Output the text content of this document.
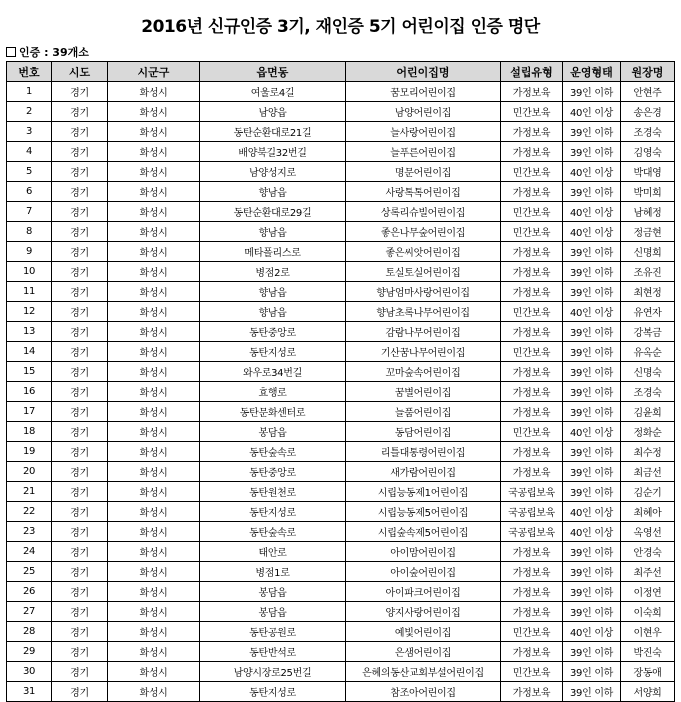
2016년 신규인증 3기, 재인증 5기 어린이집 인증 명단
인증 : 39개소
번호	시도	시군구	읍면동	어린이집명	설립유형	운영형태	원장명
1	경기	화성시	여울로4길	꿈모리어린이집	가정보육	39인 이하	안현주
2	경기	화성시	남양읍	남양어린이집	민간보육	40인 이상	송은경
3	경기	화성시	동탄순환대로21길	늘사랑어린이집	가정보육	39인 이하	조경숙
4	경기	화성시	배양북길32번길	늘푸른어린이집	가정보육	39인 이하	김영숙
5	경기	화성시	남양성지로	명문어린이집	민간보육	40인 이상	박대영
6	경기	화성시	향남읍	사랑톡톡어린이집	가정보육	39인 이하	박미희
7	경기	화성시	동탄순환대로29길	상록리슈빌어린이집	민간보육	40인 이상	남혜정
8	경기	화성시	향남읍	좋은나무숲어린이집	민간보육	40인 이상	정금현
9	경기	화성시	메타폴리스로	좋은씨앗어린이집	가정보육	39인 이하	신명희
10	경기	화성시	병점2로	토실토실어린이집	가정보육	39인 이하	조유진
11	경기	화성시	향남읍	향남엄마사랑어린이집	가정보육	39인 이하	최현정
12	경기	화성시	향남읍	향남초록나무어린이집	민간보육	40인 이상	유연자
13	경기	화성시	동탄중앙로	감람나무어린이집	가정보육	39인 이하	강복금
14	경기	화성시	동탄지성로	기산꿈나무어린이집	민간보육	39인 이하	유옥순
15	경기	화성시	와우로34번길	꼬마숲속어린이집	가정보육	39인 이하	신명숙
16	경기	화성시	효행로	꿈별어린이집	가정보육	39인 이하	조경숙
17	경기	화성시	동탄문화센터로	늘품어린이집	가정보육	39인 이하	김윤희
18	경기	화성시	봉담읍	동담어린이집	민간보육	40인 이상	정화순
19	경기	화성시	동탄숲속로	리틀대통령어린이집	가정보육	39인 이하	최수정
20	경기	화성시	동탄중앙로	새가람어린이집	가정보육	39인 이하	최금선
21	경기	화성시	동탄원천로	시립능동제1어린이집	국공립보육	39인 이하	김순기
22	경기	화성시	동탄지성로	시립능동제5어린이집	국공립보육	40인 이상	최혜아
23	경기	화성시	동탄숲속로	시립숲속제5어린이집	국공립보육	40인 이상	옥영선
24	경기	화성시	태안로	아이맘어린이집	가정보육	39인 이하	안경숙
25	경기	화성시	병점1로	아이숲어린이집	가정보육	39인 이하	최주선
26	경기	화성시	봉담읍	아이파크어린이집	가정보육	39인 이하	이정연
27	경기	화성시	봉담읍	양지사랑어린이집	가정보육	39인 이하	이숙희
28	경기	화성시	동탄공원로	예빛어린이집	민간보육	40인 이상	이현우
29	경기	화성시	동탄반석로	은샘어린이집	가정보육	39인 이하	박진숙
30	경기	화성시	남양시장로25번길	은혜의동산교회부설어린이집	민간보육	39인 이하	장동애
31	경기	화성시	동탄지성로	참조아어린이집	가정보육	39인 이하	서양희
